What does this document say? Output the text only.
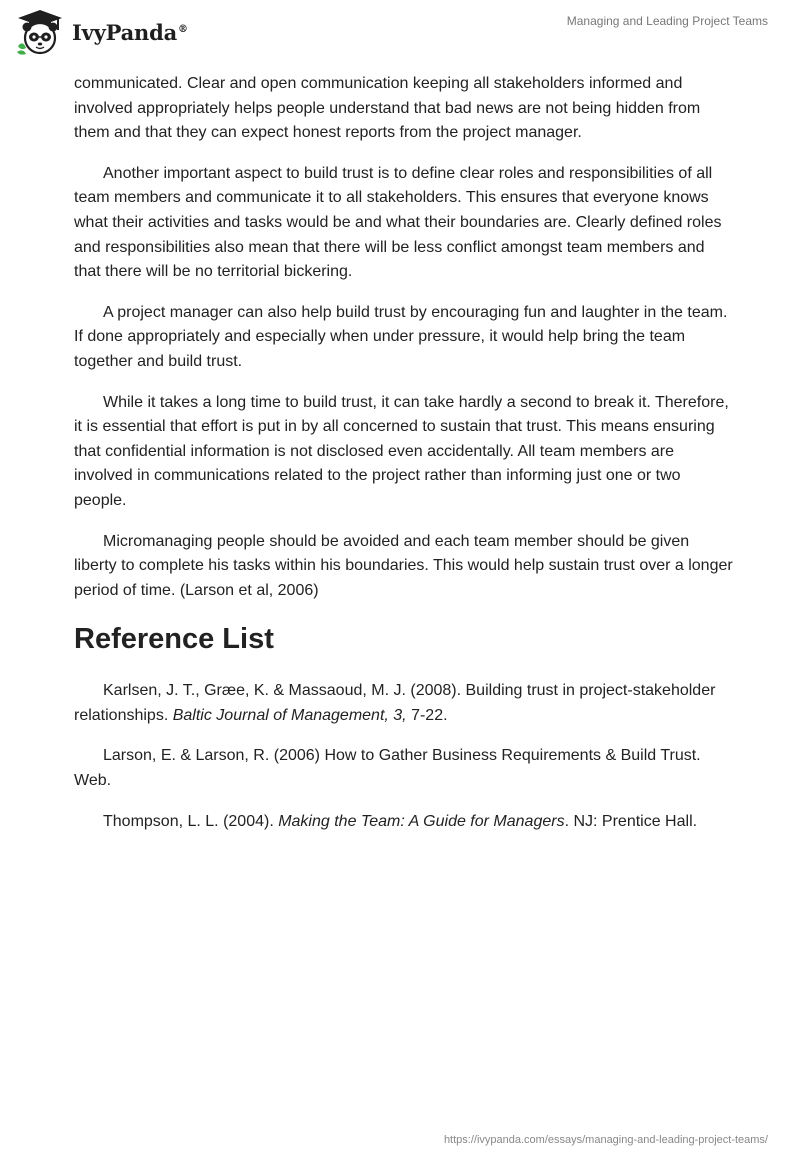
IvyPanda®
Managing and Leading Project Teams

communicated. Clear and open communication keeping all stakeholders informed and involved appropriately helps people understand that bad news are not being hidden from them and that they can expect honest reports from the project manager.

Another important aspect to build trust is to define clear roles and responsibilities of all team members and communicate it to all stakeholders. This ensures that everyone knows what their activities and tasks would be and what their boundaries are. Clearly defined roles and responsibilities also mean that there will be less conflict amongst team members and that there will be no territorial bickering.

A project manager can also help build trust by encouraging fun and laughter in the team. If done appropriately and especially when under pressure, it would help bring the team together and build trust.

While it takes a long time to build trust, it can take hardly a second to break it. Therefore, it is essential that effort is put in by all concerned to sustain that trust. This means ensuring that confidential information is not disclosed even accidentally. All team members are involved in communications related to the project rather than informing just one or two people.

Micromanaging people should be avoided and each team member should be given liberty to complete his tasks within his boundaries. This would help sustain trust over a longer period of time. (Larson et al, 2006)

Reference List

Karlsen, J. T., Græe, K. & Massaoud, M. J. (2008). Building trust in project-stakeholder relationships. Baltic Journal of Management, 3, 7-22.

Larson, E. & Larson, R. (2006) How to Gather Business Requirements & Build Trust. Web.

Thompson, L. L. (2004). Making the Team: A Guide for Managers. NJ: Prentice Hall.

https://ivypanda.com/essays/managing-and-leading-project-teams/
